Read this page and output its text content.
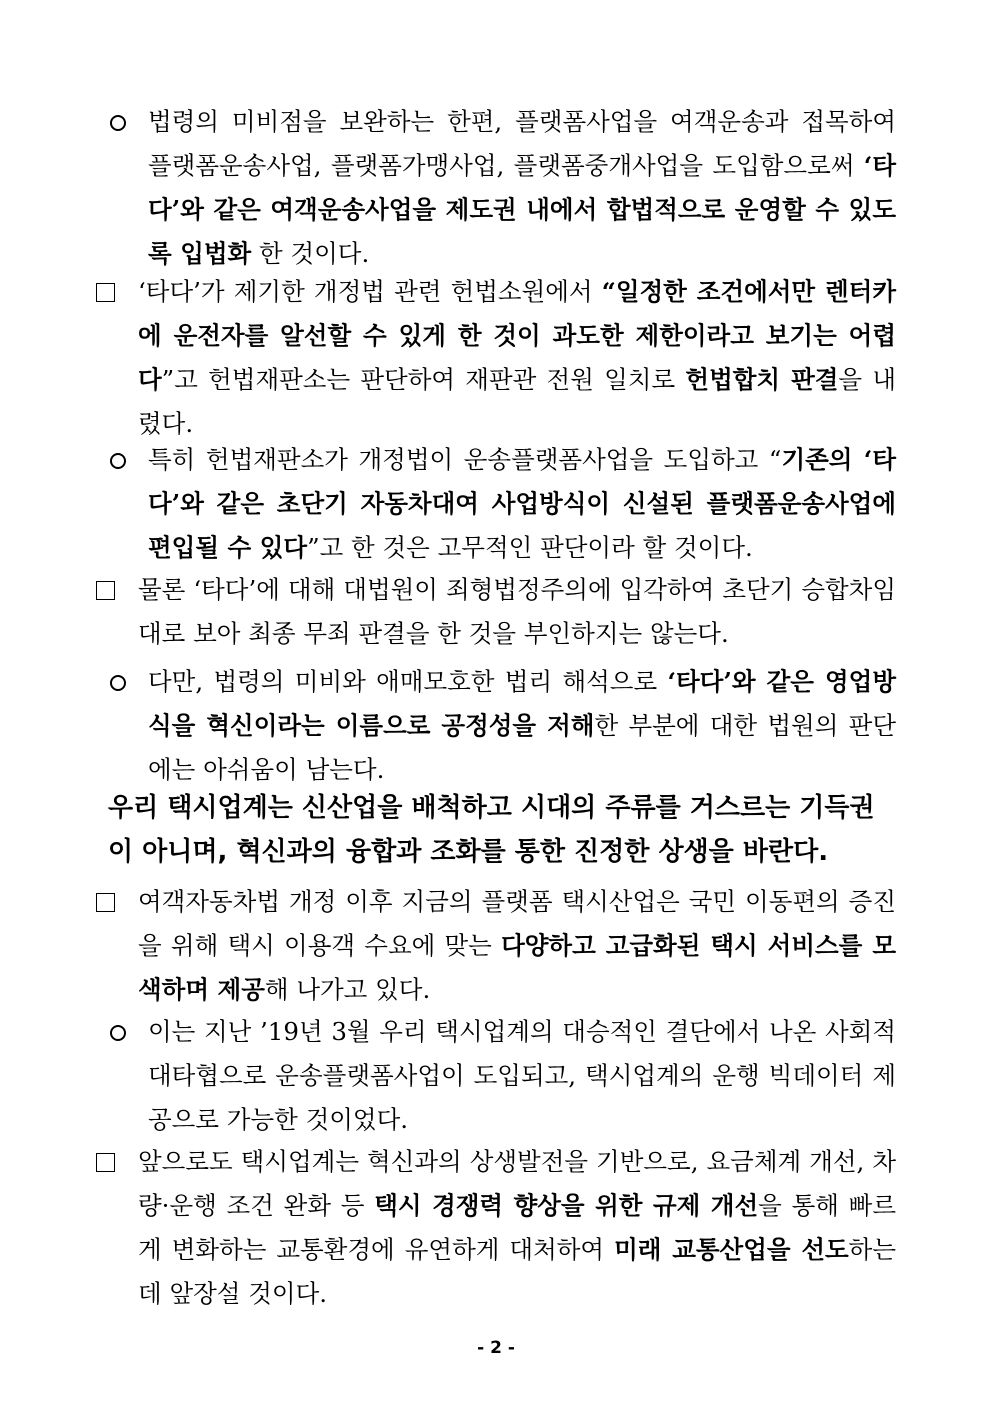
법령의 미비점을 보완하는 한편, 플랫폼사업을 여객운송과 접목하여 플랫폼운송사업, 플랫폼가맹사업, 플랫폼중개사업을 도입함으로써 ‘타다’와 같은 여객운송사업을 제도권 내에서 합법적으로 운영할 수 있도록 입법화 한 것이다.
‘타다’가 제기한 개정법 관련 헌법소원에서 “일정한 조건에서만 렌터카에 운전자를 알선할 수 있게 한 것이 과도한 제한이라고 보기는 어렵다”고 헌법재판소는 판단하여 재판관 전원 일치로 헌법합치 판결을 내렸다.
특히 헌법재판소가 개정법이 운송플랫폼사업을 도입하고 “기존의 ‘타다’와 같은 초단기 자동차대여 사업방식이 신설된 플랫폼운송사업에 편입될 수 있다”고 한 것은 고무적인 판단이라 할 것이다.
물론 ‘타다’에 대해 대법원이 죄형법정주의에 입각하여 초단기 승합차임대로 보아 최종 무죄 판결을 한 것을 부인하지는 않는다.
다만, 법령의 미비와 애매모호한 법리 해석으로 ‘타다’와 같은 영업방식을 혁신이라는 이름으로 공정성을 저해한 부분에 대한 법원의 판단에는 아쉬움이 남는다.
우리 택시업계는 신산업을 배척하고 시대의 주류를 거스르는 기득권이 아니며, 혁신과의 융합과 조화를 통한 진정한 상생을 바란다.
여객자동차법 개정 이후 지금의 플랫폼 택시산업은 국민 이동편의 증진을 위해 택시 이용객 수요에 맞는 다양하고 고급화된 택시 서비스를 모색하며 제공해 나가고 있다.
이는 지난 ’19년 3월 우리 택시업계의 대승적인 결단에서 나온 사회적 대타협으로 운송플랫폼사업이 도입되고, 택시업계의 운행 빅데이터 제공으로 가능한 것이었다.
앞으로도 택시업계는 혁신과의 상생발전을 기반으로, 요금체계 개선, 차량·운행 조건 완화 등 택시 경쟁력 향상을 위한 규제 개선을 통해 빠르게 변화하는 교통환경에 유연하게 대처하여 미래 교통산업을 선도하는데 앞장설 것이다.
- 2 -
